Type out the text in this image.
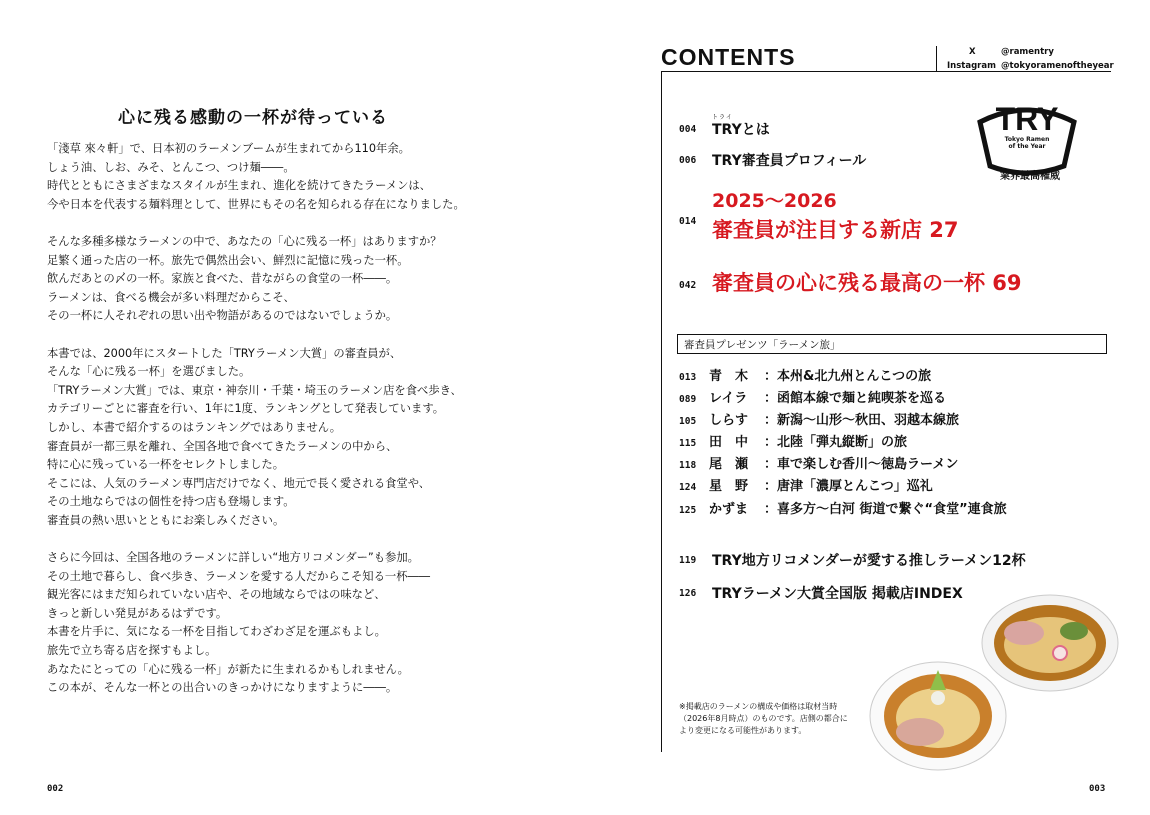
心に残る感動の一杯が待っている

「淺草 來々軒」で、日本初のラーメンブームが生まれてから110年余。

しょう油、しお、みそ、とんこつ、つけ麺――。

時代とともにさまざまなスタイルが生まれ、進化を続けてきたラーメンは、

今や日本を代表する麺料理として、世界にもその名を知られる存在になりました。

そんな多種多様なラーメンの中で、あなたの「心に残る一杯」はありますか？

足繁く通った店の一杯。旅先で偶然出会い、鮮烈に記憶に残った一杯。

飲んだあとの〆の一杯。家族と食べた、昔ながらの食堂の一杯――。

ラーメンは、食べる機会が多い料理だからこそ、

その一杯に人それぞれの思い出や物語があるのではないでしょうか。

本書では、2000年にスタートした「TRYラーメン大賞」の審査員が、

そんな「心に残る一杯」を選びました。

「TRYラーメン大賞」では、東京・神奈川・千葉・埼玉のラーメン店を食べ歩き、

カテゴリーごとに審査を行い、1年に1度、ランキングとして発表しています。

しかし、本書で紹介するのはランキングではありません。

審査員が一都三県を離れ、全国各地で食べてきたラーメンの中から、

特に心に残っている一杯をセレクトしました。

そこには、人気のラーメン専門店だけでなく、地元で長く愛される食堂や、

その土地ならではの個性を持つ店も登場します。

審査員の熱い思いとともにお楽しみください。

さらに今回は、全国各地のラーメンに詳しい“地方リコメンダー”も参加。

その土地で暮らし、食べ歩き、ラーメンを愛する人だからこそ知る一杯――

観光客にはまだ知られていない店や、その地域ならではの味など、

きっと新しい発見があるはずです。

本書を片手に、気になる一杯を目指してわざわざ足を運ぶもよし。

旅先で立ち寄る店を探すもよし。

あなたにとっての「心に残る一杯」が新たに生まれるかもしれません。

この本が、そんな一杯との出合いのきっかけになりますように――。

002
CONTENTS	X	@ramentry
Instagram @tokyoramenoftheyear
トライ
004 TRYとは
006 TRY審査員プロフィール
014
2025〜2026
審査員が注目する新店 27
042 審査員の心に残る最高の一杯 69
審査員プレゼンツ「ラーメン旅」
013 青　木 ：本州&北九州とんこつの旅
089 レイラ ：函館本線で麺と純喫茶を巡る
105 しらす ：新潟〜山形〜秋田、羽越本線旅
115 田　中 ：北陸「弾丸縦断」の旅
118 尾　瀬 ：車で楽しむ香川〜徳島ラーメン
124 星　野 ：唐津「濃厚とんこつ」巡礼
125 かずま ：喜多方〜白河 街道で繋ぐ“食堂”連食旅
119 TRY地方リコメンダーが愛する推しラーメン12杯
126 TRYラーメン大賞全国版 掲載店INDEX
TRY
Tokyo Ramen
of the Year
業界最高権威
※掲載店のラーメンの構成や価格は取材当時（2026年8月時点）のものです。店側の都合により変更になる可能性があります。
003
